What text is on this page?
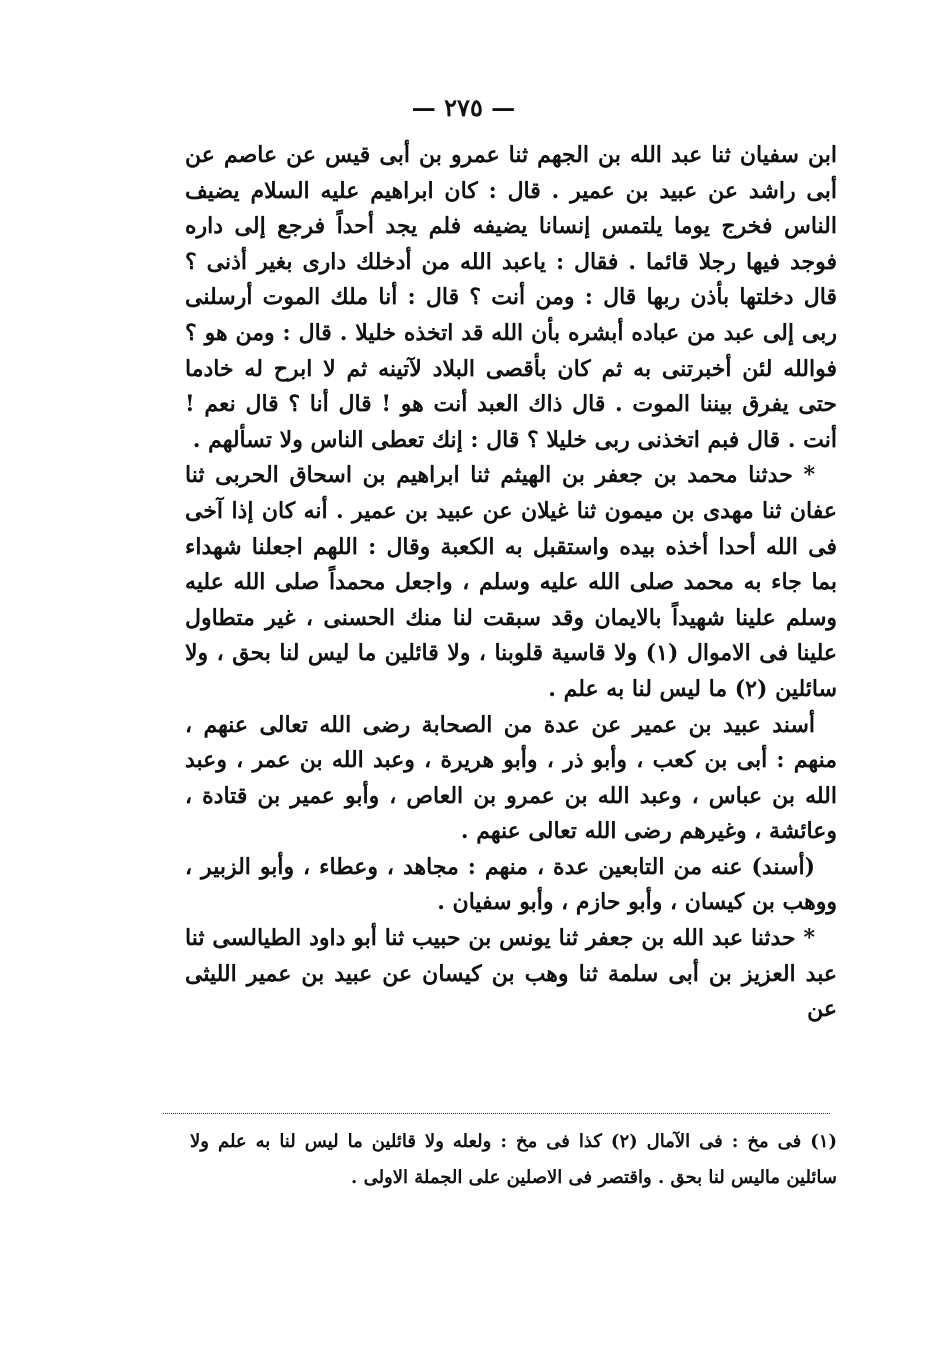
— ٢٧٥ —

ابن سفيان ثنا عبد الله بن الجهم ثنا عمرو بن أبى قيس عن عاصم عن أبى راشد عن عبيد بن عمير . قال : كان ابراهيم عليه السلام يضيف الناس فخرج يوما يلتمس إنسانا يضيفه فلم يجد أحداً فرجع إلى داره فوجد فيها رجلا قائما . فقال : ياعبد الله من أدخلك دارى بغير أذنى ؟ قال دخلتها بأذن ربها قال : ومن أنت ؟ قال : أنا ملك الموت أرسلنى ربى إلى عبد من عباده أبشره بأن الله قد اتخذه خليلا . قال : ومن هو ؟ فوالله لئن أخبرتنى به ثم كان بأقصى البلاد لآتينه ثم لا ابرح له خادما حتى يفرق بيننا الموت . قال ذاك العبد أنت هو ! قال أنا ؟ قال نعم ! أنت . قال فبم اتخذنى ربى خليلا ؟ قال : إنك تعطى الناس ولا تسألهم .

* حدثنا محمد بن جعفر بن الهيثم ثنا ابراهيم بن اسحاق الحربى ثنا عفان ثنا مهدى بن ميمون ثنا غيلان عن عبيد بن عمير . أنه كان إذا آخى فى الله أحدا أخذه بيده واستقبل به الكعبة وقال : اللهم اجعلنا شهداء بما جاء به محمد صلى الله عليه وسلم ، واجعل محمداً صلى الله عليه وسلم علينا شهيداً بالايمان وقد سبقت لنا منك الحسنى ، غير متطاول علينا فى الاموال (١) ولا قاسية قلوبنا ، ولا قائلين ما ليس لنا بحق ، ولا سائلين (٢) ما ليس لنا به علم .

أسند عبيد بن عمير عن عدة من الصحابة رضى الله تعالى عنهم ، منهم : أبى بن كعب ، وأبو ذر ، وأبو هريرة ، وعبد الله بن عمر ، وعبد الله بن عباس ، وعبد الله بن عمرو بن العاص ، وأبو عمير بن قتادة ، وعائشة ، وغيرهم رضى الله تعالى عنهم .

(أسند) عنه من التابعين عدة ، منهم : مجاهد ، وعطاء ، وأبو الزبير ، ووهب بن كيسان ، وأبو حازم ، وأبو سفيان .

* حدثنا عبد الله بن جعفر ثنا يونس بن حبيب ثنا أبو داود الطيالسى ثنا عبد العزيز بن أبى سلمة ثنا وهب بن كيسان عن عبيد بن عمير الليثى عن

(١) فى مخ : فى الآمال (٢) كذا فى مخ : ولعله ولا قائلين ما ليس لنا به علم ولا سائلين ماليس لنا بحق . واقتصر فى الاصلين على الجملة الاولى .
